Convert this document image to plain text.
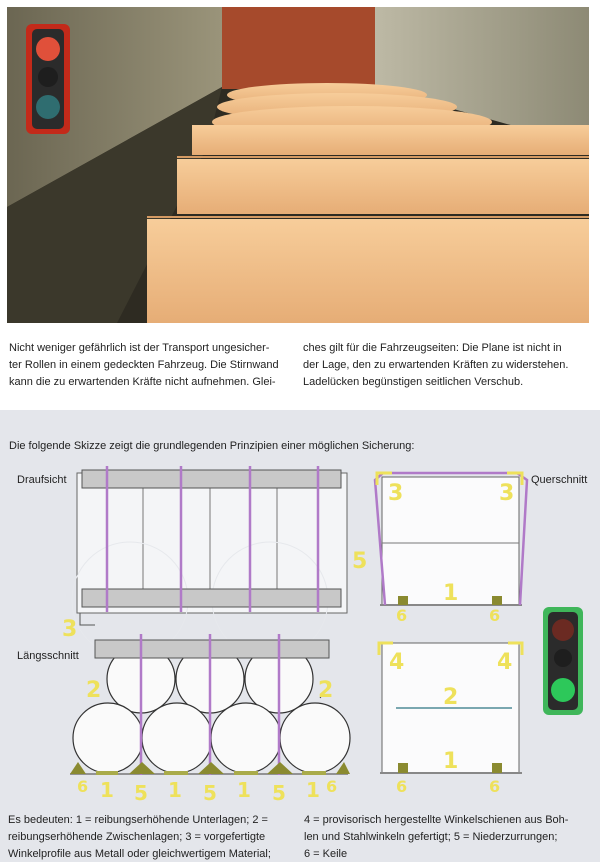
Nicht weniger gefährlich ist der Transport ungesicher-
ter Rollen in einem gedeckten Fahrzeug. Die Stirnwand
kann die zu erwartenden Kräfte nicht aufnehmen. Glei-
ches gilt für die Fahrzeugseiten: Die Plane ist nicht in
der Lage, den zu erwartenden Kräften zu widerstehen.
Ladelücken begünstigen seitlichen Verschub.
Die folgende Skizze zeigt die grundlegenden Prinzipien einer möglichen Sicherung:
3	3
5
1
3
4	4
2
1
2	2
6	6
6	6
6	6
1 5 1 5 1 5 1
Draufsicht	Querschnitt
Längsschnitt
Es bedeuten: 1 = reibungserhöhende Unterlagen; 2 =
reibungserhöhende Zwischenlagen; 3 = vorgefertigte
Winkelprofile aus Metall oder gleichwertigem Material;
4 = provisorisch hergestellte Winkelschienen aus Boh-
len und Stahlwinkeln gefertigt; 5 = Niederzurrungen;
6 = Keile
